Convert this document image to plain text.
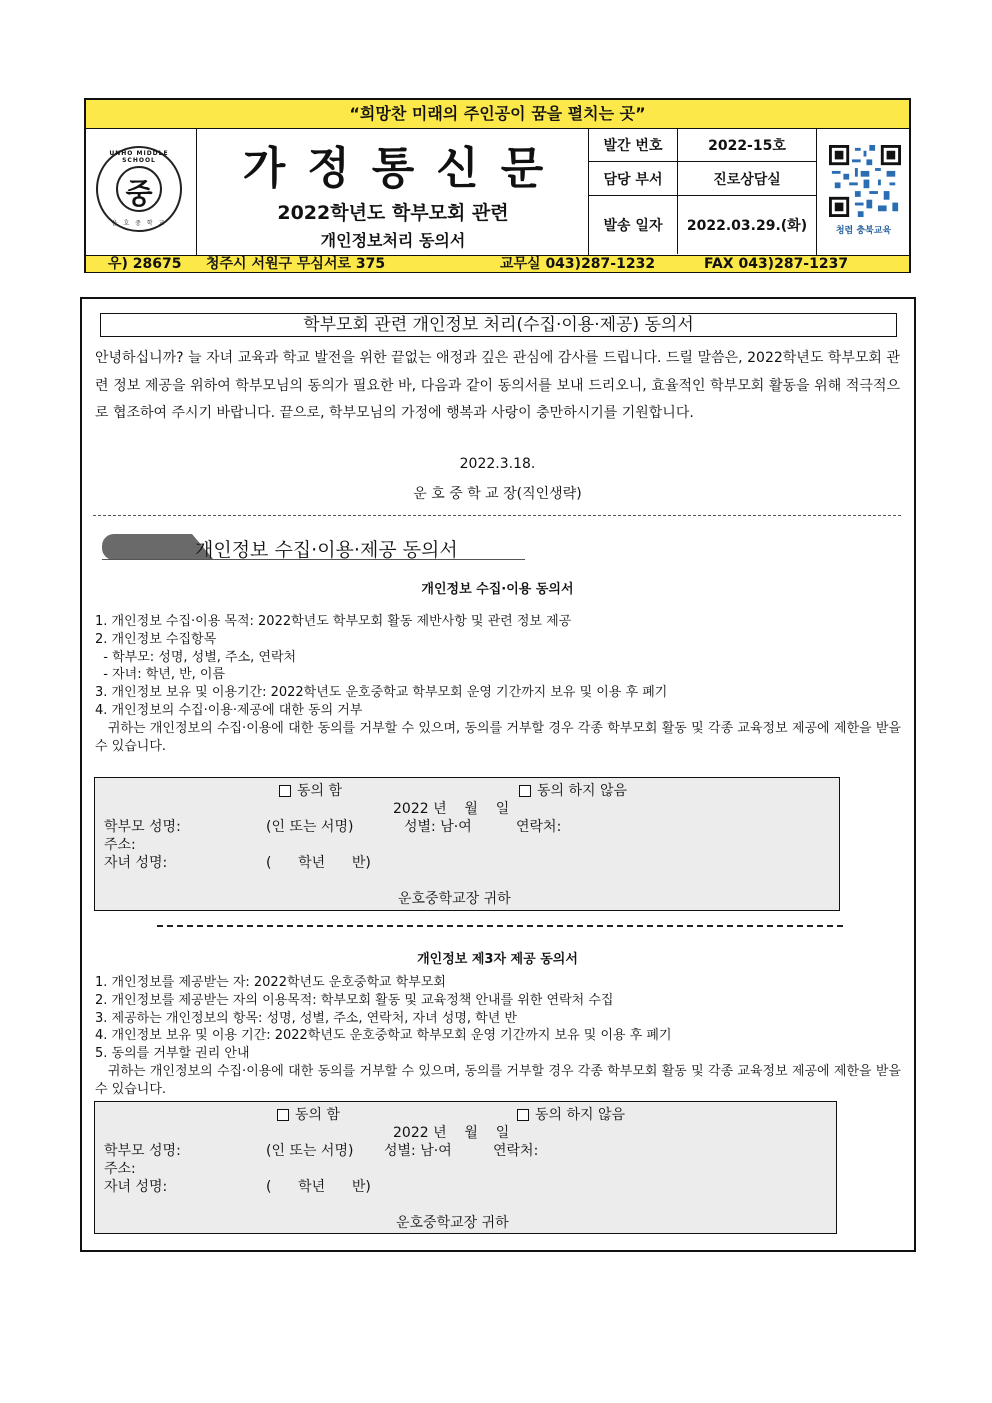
“희망찬 미래의 주인공이 꿈을 펼치는 곳”
UNHO MIDDLE SCHOOL
중
운 호 중 학 교
가정통신문
2022학년도 학부모회 관련
개인정보처리 동의서
발간 번호	2022-15호
담당 부서	진로상담실
발송 일자	2022.03.29.(화)	청렴 충북교육
우) 28675 청주시 서원구 무심서로 375	교무실 043)287-1232	FAX 043)287-1237
학부모회 관련 개인정보 처리(수집·이용·제공) 동의서
안녕하십니까? 늘 자녀 교육과 학교 발전을 위한 끝없는 애정과 깊은 관심에 감사를 드립니다. 드릴 말씀은, 2022학년도 학부모회 관련 정보 제공을 위하여 학부모님의 동의가 필요한 바, 다음과 같이 동의서를 보내 드리오니, 효율적인 학부모회 활동을 위해 적극적으로 협조하여 주시기 바랍니다. 끝으로, 학부모님의 가정에 행복과 사랑이 충만하시기를 기원합니다.
2022.3.18.
운 호 중 학 교 장(직인생략)
개인정보 수집·이용·제공 동의서
개인정보 수집·이용 동의서
1. 개인정보 수집·이용 목적: 2022학년도 학부모회 활동 제반사항 및 관련 정보 제공
2. 개인정보 수집항목
- 학부모: 성명, 성별, 주소, 연락처
- 자녀: 학년, 반, 이름
3. 개인정보 보유 및 이용기간: 2022학년도 운호중학교 학부모회 운영 기간까지 보유 및 이용 후 폐기
4. 개인정보의 수집·이용·제공에 대한 동의 거부
귀하는 개인정보의 수집·이용에 대한 동의를 거부할 수 있으며, 동의를 거부할 경우 각종 학부모회 활동 및 각종 교육정보 제공에 제한을 받을 수 있습니다.
동의 함	동의 하지 않음
2022 년    월    일
학부모 성명:	(인 또는 서명)	성별: 남·여	연락처:
주소:
자녀 성명:	(      학년      반)
운호중학교장 귀하
개인정보 제3자 제공 동의서
1. 개인정보를 제공받는 자: 2022학년도 운호중학교 학부모회
2. 개인정보를 제공받는 자의 이용목적: 학부모회 활동 및 교육정책 안내를 위한 연락처 수집
3. 제공하는 개인정보의 항목: 성명, 성별, 주소, 연락처, 자녀 성명, 학년 반
4. 개인정보 보유 및 이용 기간: 2022학년도 운호중학교 학부모회 운영 기간까지 보유 및 이용 후 폐기
5. 동의를 거부할 권리 안내
귀하는 개인정보의 수집·이용에 대한 동의를 거부할 수 있으며, 동의를 거부할 경우 각종 학부모회 활동 및 각종 교육정보 제공에 제한을 받을 수 있습니다.
동의 함	동의 하지 않음
2022 년    월    일
학부모 성명:	(인 또는 서명) 성별: 남·여	연락처:
주소:
자녀 성명:	(      학년      반)
운호중학교장 귀하
